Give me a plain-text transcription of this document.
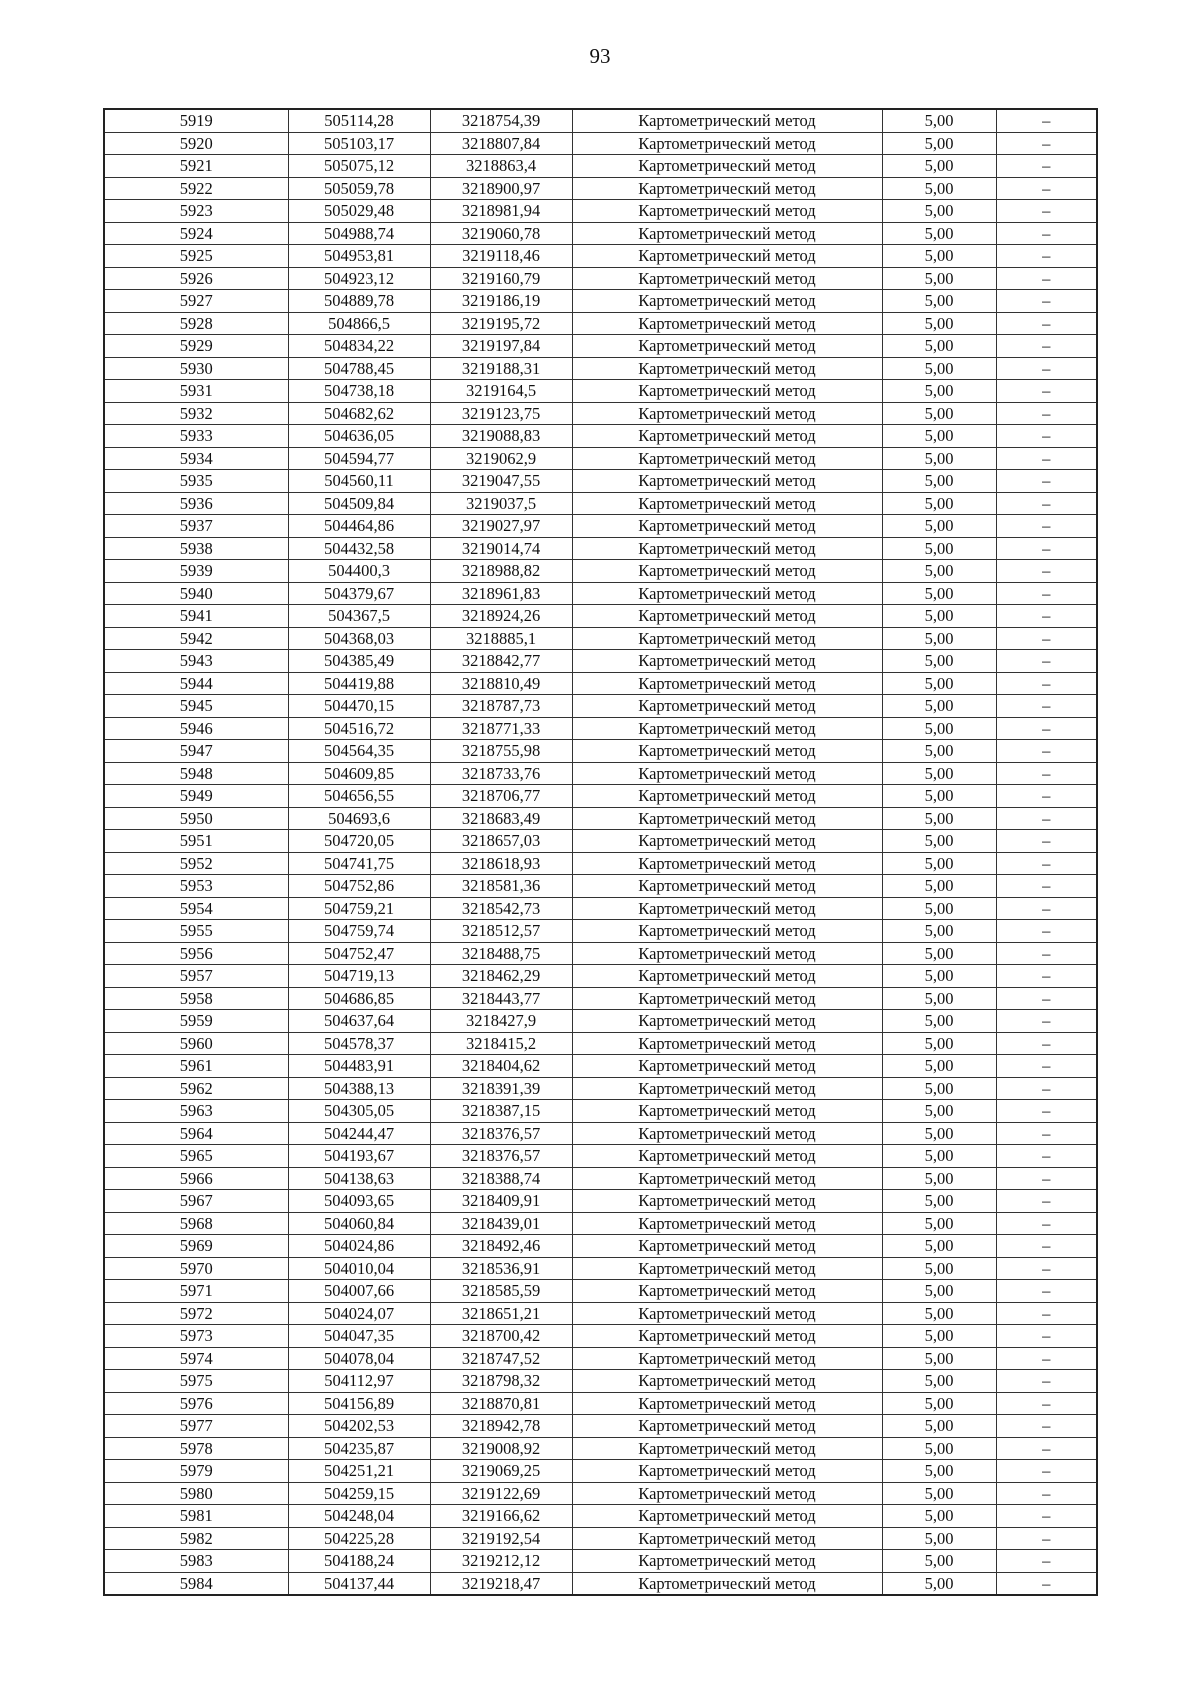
93
5919	505114,28	3218754,39	Картометрический метод	5,00	–
5920	505103,17	3218807,84	Картометрический метод	5,00	–
5921	505075,12	3218863,4	Картометрический метод	5,00	–
5922	505059,78	3218900,97	Картометрический метод	5,00	–
5923	505029,48	3218981,94	Картометрический метод	5,00	–
5924	504988,74	3219060,78	Картометрический метод	5,00	–
5925	504953,81	3219118,46	Картометрический метод	5,00	–
5926	504923,12	3219160,79	Картометрический метод	5,00	–
5927	504889,78	3219186,19	Картометрический метод	5,00	–
5928	504866,5	3219195,72	Картометрический метод	5,00	–
5929	504834,22	3219197,84	Картометрический метод	5,00	–
5930	504788,45	3219188,31	Картометрический метод	5,00	–
5931	504738,18	3219164,5	Картометрический метод	5,00	–
5932	504682,62	3219123,75	Картометрический метод	5,00	–
5933	504636,05	3219088,83	Картометрический метод	5,00	–
5934	504594,77	3219062,9	Картометрический метод	5,00	–
5935	504560,11	3219047,55	Картометрический метод	5,00	–
5936	504509,84	3219037,5	Картометрический метод	5,00	–
5937	504464,86	3219027,97	Картометрический метод	5,00	–
5938	504432,58	3219014,74	Картометрический метод	5,00	–
5939	504400,3	3218988,82	Картометрический метод	5,00	–
5940	504379,67	3218961,83	Картометрический метод	5,00	–
5941	504367,5	3218924,26	Картометрический метод	5,00	–
5942	504368,03	3218885,1	Картометрический метод	5,00	–
5943	504385,49	3218842,77	Картометрический метод	5,00	–
5944	504419,88	3218810,49	Картометрический метод	5,00	–
5945	504470,15	3218787,73	Картометрический метод	5,00	–
5946	504516,72	3218771,33	Картометрический метод	5,00	–
5947	504564,35	3218755,98	Картометрический метод	5,00	–
5948	504609,85	3218733,76	Картометрический метод	5,00	–
5949	504656,55	3218706,77	Картометрический метод	5,00	–
5950	504693,6	3218683,49	Картометрический метод	5,00	–
5951	504720,05	3218657,03	Картометрический метод	5,00	–
5952	504741,75	3218618,93	Картометрический метод	5,00	–
5953	504752,86	3218581,36	Картометрический метод	5,00	–
5954	504759,21	3218542,73	Картометрический метод	5,00	–
5955	504759,74	3218512,57	Картометрический метод	5,00	–
5956	504752,47	3218488,75	Картометрический метод	5,00	–
5957	504719,13	3218462,29	Картометрический метод	5,00	–
5958	504686,85	3218443,77	Картометрический метод	5,00	–
5959	504637,64	3218427,9	Картометрический метод	5,00	–
5960	504578,37	3218415,2	Картометрический метод	5,00	–
5961	504483,91	3218404,62	Картометрический метод	5,00	–
5962	504388,13	3218391,39	Картометрический метод	5,00	–
5963	504305,05	3218387,15	Картометрический метод	5,00	–
5964	504244,47	3218376,57	Картометрический метод	5,00	–
5965	504193,67	3218376,57	Картометрический метод	5,00	–
5966	504138,63	3218388,74	Картометрический метод	5,00	–
5967	504093,65	3218409,91	Картометрический метод	5,00	–
5968	504060,84	3218439,01	Картометрический метод	5,00	–
5969	504024,86	3218492,46	Картометрический метод	5,00	–
5970	504010,04	3218536,91	Картометрический метод	5,00	–
5971	504007,66	3218585,59	Картометрический метод	5,00	–
5972	504024,07	3218651,21	Картометрический метод	5,00	–
5973	504047,35	3218700,42	Картометрический метод	5,00	–
5974	504078,04	3218747,52	Картометрический метод	5,00	–
5975	504112,97	3218798,32	Картометрический метод	5,00	–
5976	504156,89	3218870,81	Картометрический метод	5,00	–
5977	504202,53	3218942,78	Картометрический метод	5,00	–
5978	504235,87	3219008,92	Картометрический метод	5,00	–
5979	504251,21	3219069,25	Картометрический метод	5,00	–
5980	504259,15	3219122,69	Картометрический метод	5,00	–
5981	504248,04	3219166,62	Картометрический метод	5,00	–
5982	504225,28	3219192,54	Картометрический метод	5,00	–
5983	504188,24	3219212,12	Картометрический метод	5,00	–
5984	504137,44	3219218,47	Картометрический метод	5,00	–
